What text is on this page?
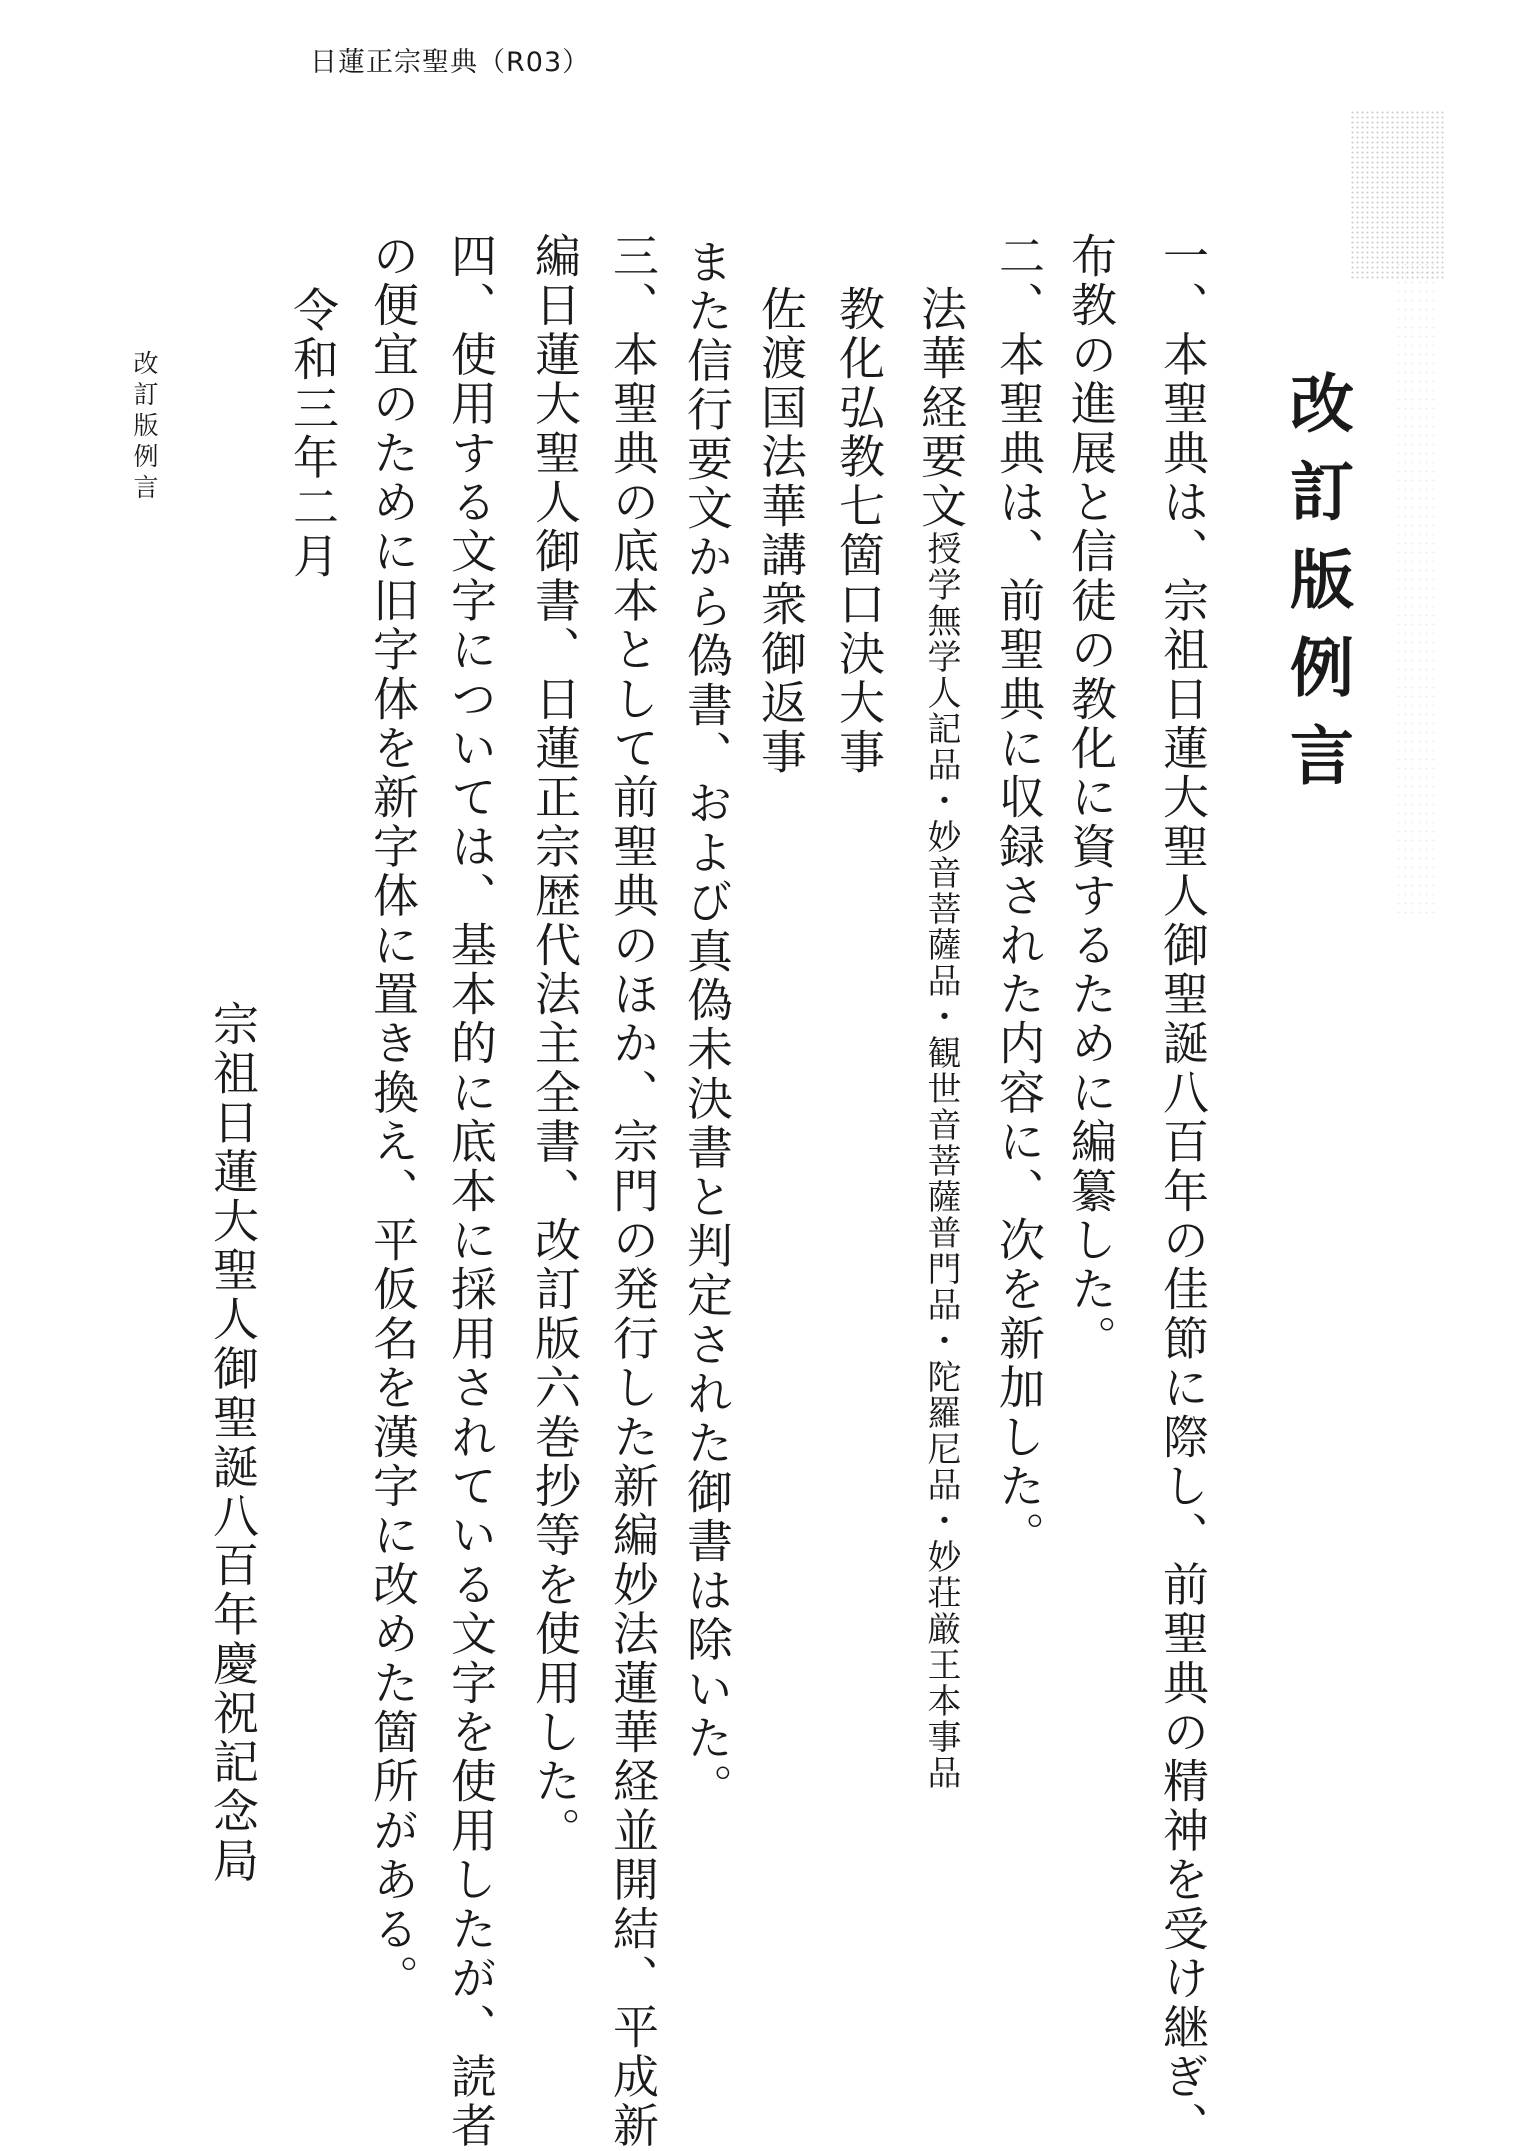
日蓮正宗聖典（R03）
改訂版例言
一、本聖典は、宗祖日蓮大聖人御聖誕八百年の佳節に際し、前聖典の精神を受け継ぎ、
布教の進展と信徒の教化に資するために編纂した。
二、本聖典は、前聖典に収録された内容に、次を新加した。
法華経要文授学無学人記品・妙音菩薩品・観世音菩薩普門品・陀羅尼品・妙荘厳王本事品
教化弘教七箇口決大事
佐渡国法華講衆御返事
また信行要文から偽書、および真偽未決書と判定された御書は除いた。
三、本聖典の底本として前聖典のほか、宗門の発行した新編妙法蓮華経並開結、平成新
編日蓮大聖人御書、日蓮正宗歴代法主全書、改訂版六巻抄等を使用した。
四、使用する文字については、基本的に底本に採用されている文字を使用したが、読者
の便宜のために旧字体を新字体に置き換え、平仮名を漢字に改めた箇所がある。
令和三年二月
宗祖日蓮大聖人御聖誕八百年慶祝記念局
改訂版例言
